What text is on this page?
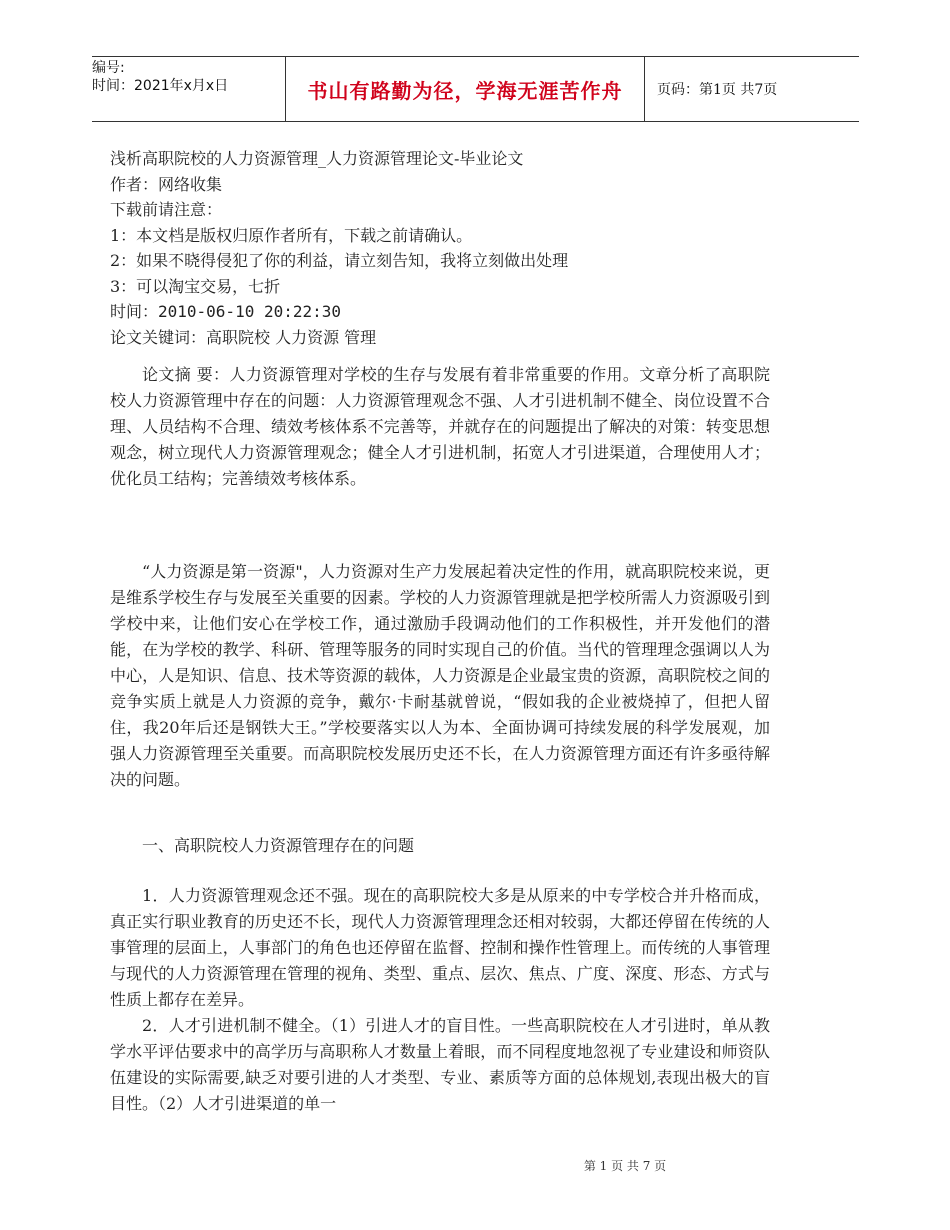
编号:
时间：2021年x月x日	书山有路勤为径，学海无涯苦作舟 页码：第1页 共7页
浅析高职院校的人力资源管理_人力资源管理论文-毕业论文
作者：网络收集
下载前请注意：
1：本文档是版权归原作者所有，下载之前请确认。
2：如果不晓得侵犯了你的利益，请立刻告知，我将立刻做出处理
3：可以淘宝交易，七折
时间：2010-06-10 20:22:30
论文关键词：高职院校 人力资源 管理

论文摘 要：人力资源管理对学校的生存与发展有着非常重要的作用。文章分析了高职院校人力资源管理中存在的问题：人力资源管理观念不强、人才引进机制不健全、岗位设置不合理、人员结构不合理、绩效考核体系不完善等，并就存在的问题提出了解决的对策：转变思想观念，树立现代人力资源管理观念；健全人才引进机制，拓宽人才引进渠道，合理使用人才；优化员工结构；完善绩效考核体系。

“人力资源是第一资源"，人力资源对生产力发展起着决定性的作用，就高职院校来说，更是维系学校生存与发展至关重要的因素。学校的人力资源管理就是把学校所需人力资源吸引到学校中来，让他们安心在学校工作，通过激励手段调动他们的工作积极性，并开发他们的潜能，在为学校的教学、科研、管理等服务的同时实现自己的价值。当代的管理理念强调以人为中心，人是知识、信息、技术等资源的载体，人力资源是企业最宝贵的资源，高职院校之间的竞争实质上就是人力资源的竞争，戴尔·卡耐基就曾说，“假如我的企业被烧掉了，但把人留住，我20年后还是钢铁大王。”学校要落实以人为本、全面协调可持续发展的科学发展观，加强人力资源管理至关重要。而高职院校发展历史还不长，在人力资源管理方面还有许多亟待解决的问题。

一、高职院校人力资源管理存在的问题

1．人力资源管理观念还不强。现在的高职院校大多是从原来的中专学校合并升格而成，真正实行职业教育的历史还不长，现代人力资源管理理念还相对较弱，大都还停留在传统的人事管理的层面上，人事部门的角色也还停留在监督、控制和操作性管理上。而传统的人事管理与现代的人力资源管理在管理的视角、类型、重点、层次、焦点、广度、深度、形态、方式与性质上都存在差异。

2．人才引进机制不健全。（1）引进人才的盲目性。一些高职院校在人才引进时，单从教学水平评估要求中的高学历与高职称人才数量上着眼，而不同程度地忽视了专业建设和师资队伍建设的实际需要,缺乏对要引进的人才类型、专业、素质等方面的总体规划,表现出极大的盲目性。（2）人才引进渠道的单一

第 1 页 共 7 页
